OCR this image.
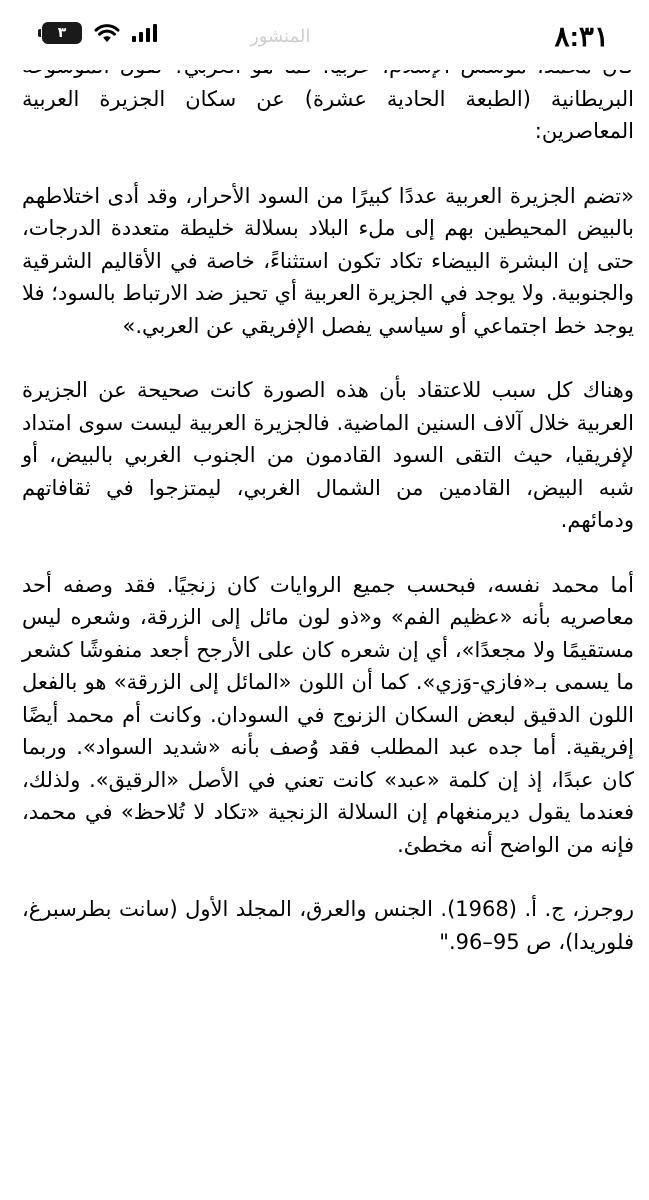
٨:٣١
المنشور
٣

البريطانية (الطبعة الحادية عشرة) عن سكان الجزيرة العربية المعاصرين:

«تضم الجزيرة العربية عددًا كبيرًا من السود الأحرار، وقد أدى اختلاطهم بالبيض المحيطين بهم إلى ملء البلاد بسلالة خليطة متعددة الدرجات، حتى إن البشرة البيضاء تكاد تكون استثناءً، خاصة في الأقاليم الشرقية والجنوبية. ولا يوجد في الجزيرة العربية أي تحيز ضد الارتباط بالسود؛ فلا يوجد خط اجتماعي أو سياسي يفصل الإفريقي عن العربي.»

وهناك كل سبب للاعتقاد بأن هذه الصورة كانت صحيحة عن الجزيرة العربية خلال آلاف السنين الماضية. فالجزيرة العربية ليست سوى امتداد لإفريقيا، حيث التقى السود القادمون من الجنوب الغربي بالبيض، أو شبه البيض، القادمين من الشمال الغربي، ليمتزجوا في ثقافاتهم ودمائهم.

أما محمد نفسه، فبحسب جميع الروايات كان زنجيًا. فقد وصفه أحد معاصريه بأنه «عظيم الفم» و«ذو لون مائل إلى الزرقة، وشعره ليس مستقيمًا ولا مجعدًا»، أي إن شعره كان على الأرجح أجعد منفوشًا كشعر ما يسمى بـ«فازي-وَزي». كما أن اللون «المائل إلى الزرقة» هو بالفعل اللون الدقيق لبعض السكان الزنوج في السودان. وكانت أم محمد أيضًا إفريقية. أما جده عبد المطلب فقد وُصف بأنه «شديد السواد». وربما كان عبدًا، إذ إن كلمة «عبد» كانت تعني في الأصل «الرقيق». ولذلك، فعندما يقول ديرمنغهام إن السلالة الزنجية «تكاد لا تُلاحظ» في محمد، فإنه من الواضح أنه مخطئ.

روجرز، ج. أ. (1968). الجنس والعرق، المجلد الأول (سانت بطرسبرغ، فلوريدا)، ص 95–96."
